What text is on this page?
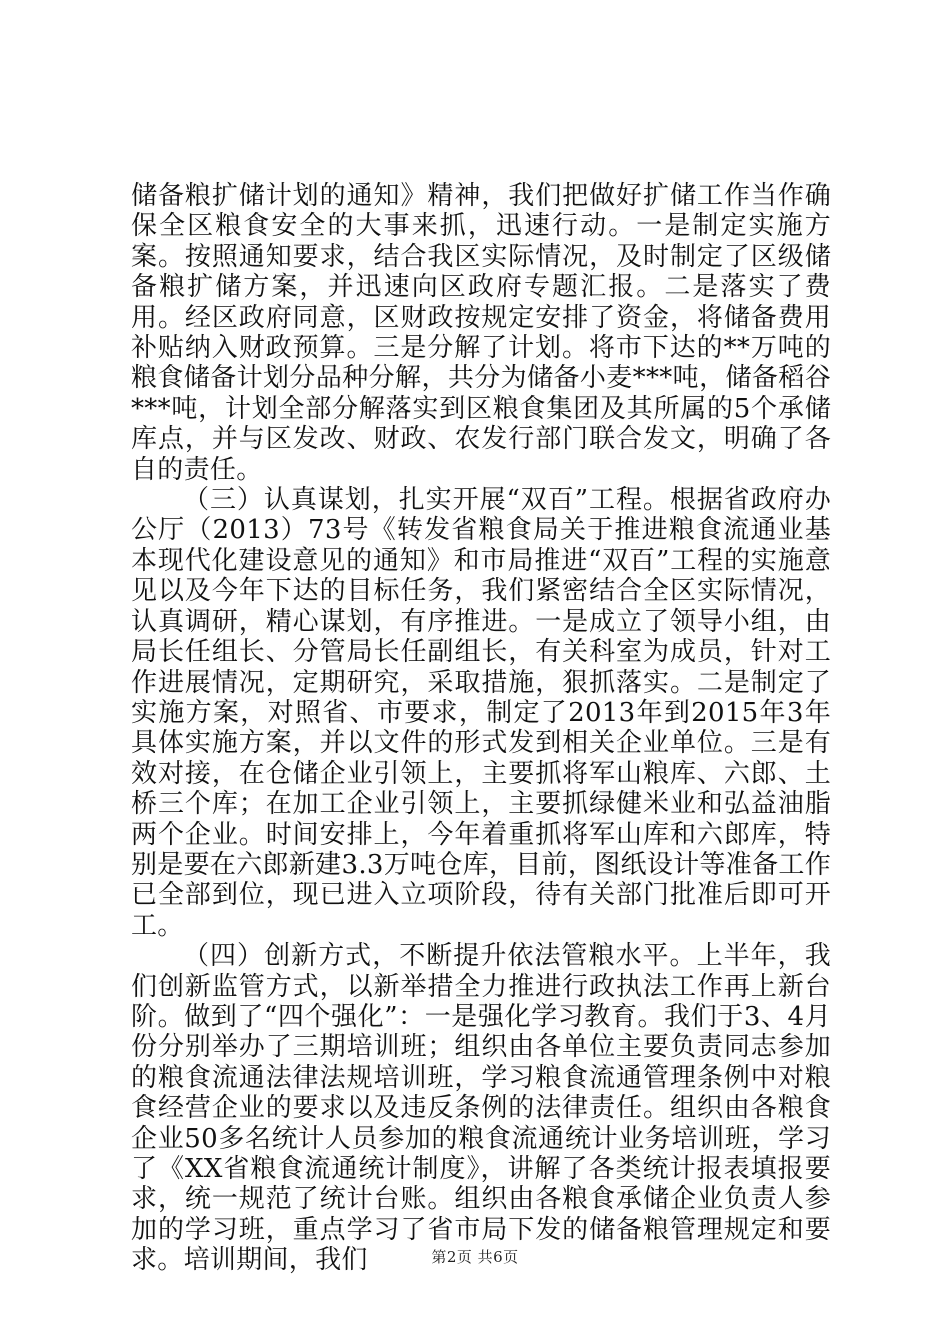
储备粮扩储计划的通知》精神，我们把做好扩储工作当作确保全区粮食安全的大事来抓，迅速行动。一是制定实施方案。按照通知要求，结合我区实际情况，及时制定了区级储备粮扩储方案，并迅速向区政府专题汇报。二是落实了费用。经区政府同意，区财政按规定安排了资金，将储备费用补贴纳入财政预算。三是分解了计划。将市下达的**万吨的粮食储备计划分品种分解，共分为储备小麦***吨，储备稻谷***吨，计划全部分解落实到区粮食集团及其所属的5个承储库点，并与区发改、财政、农发行部门联合发文，明确了各自的责任。

（三）认真谋划，扎实开展“双百”工程。根据省政府办公厅（2013）73号《转发省粮食局关于推进粮食流通业基本现代化建设意见的通知》和市局推进“双百”工程的实施意见以及今年下达的目标任务，我们紧密结合全区实际情况，认真调研，精心谋划，有序推进。一是成立了领导小组，由局长任组长、分管局长任副组长，有关科室为成员，针对工作进展情况，定期研究，采取措施，狠抓落实。二是制定了实施方案，对照省、市要求，制定了2013年到2015年3年具体实施方案，并以文件的形式发到相关企业单位。三是有效对接，在仓储企业引领上，主要抓将军山粮库、六郎、土桥三个库；在加工企业引领上，主要抓绿健米业和弘益油脂两个企业。时间安排上，今年着重抓将军山库和六郎库，特别是要在六郎新建3.3万吨仓库，目前，图纸设计等准备工作已全部到位，现已进入立项阶段，待有关部门批准后即可开工。

（四）创新方式，不断提升依法管粮水平。上半年，我们创新监管方式，以新举措全力推进行政执法工作再上新台阶。做到了“四个强化”：一是强化学习教育。我们于3、4月份分别举办了三期培训班；组织由各单位主要负责同志参加的粮食流通法律法规培训班，学习粮食流通管理条例中对粮食经营企业的要求以及违反条例的法律责任。组织由各粮食企业50多名统计人员参加的粮食流通统计业务培训班，学习了《XX省粮食流通统计制度》，讲解了各类统计报表填报要求，统一规范了统计台账。组织由各粮食承储企业负责人参加的学习班，重点学习了省市局下发的储备粮管理规定和要求。培训期间，我们	第2页 共6页
